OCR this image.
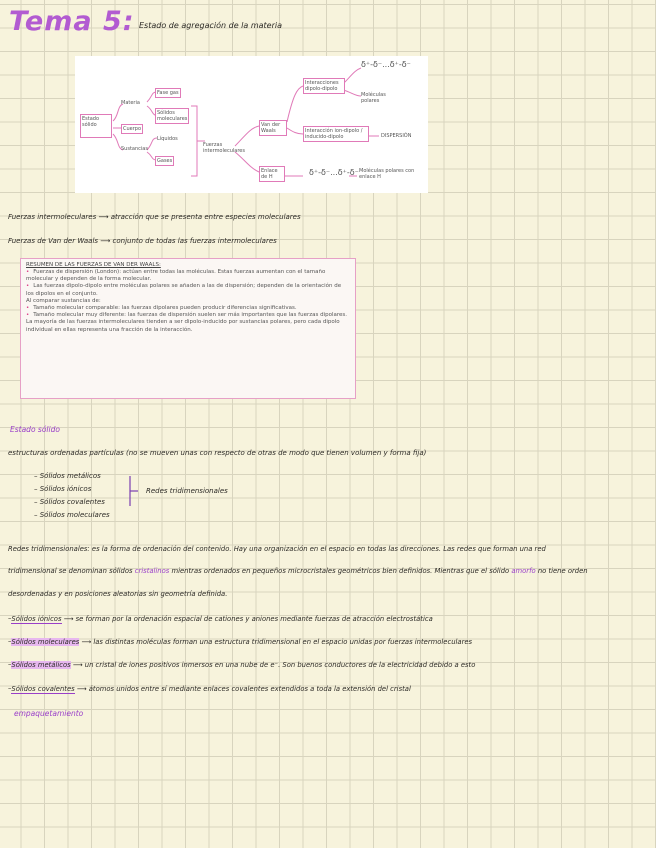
Tema 5: Estado de agregación de la materia
Estado sólido
Materia
Cuerpo
Sustancias
Fase gas
Sólidos moleculares
Líquidos
Gases
Fuerzas intermoleculares
Van der Waals
Interacciones dipolo-dipolo
δ⁺-δ⁻...δ⁺-δ⁻
Moléculas polares
Interacción ion-dipolo / inducido-dipolo	DISPERSIÓN
Enlace de H	δ⁺-δ⁻...δ⁺-δ⁻ Moléculas polares con enlace H
Fuerzas intermoleculares ⟶ atracción que se presenta entre especies moleculares
Fuerzas de Van der Waals ⟶ conjunto de todas las fuerzas intermoleculares
RESUMEN DE LAS FUERZAS DE VAN DER WAALS:
• Fuerzas de dispersión (London): actúan entre todas las moléculas. Estas fuerzas aumentan con el tamaño molecular y dependen de la forma molecular.
• Las fuerzas dipolo-dipolo entre moléculas polares se añaden a las de dispersión; dependen de la orientación de los dipolos en el conjunto.
Al comparar sustancias de:
• Tamaño molecular comparable: las fuerzas dipolares pueden producir diferencias significativas.
• Tamaño molecular muy diferente: las fuerzas de dispersión suelen ser más importantes que las fuerzas dipolares.
La mayoría de las fuerzas intermoleculares tienden a ser dipolo-inducido por sustancias polares, pero cada dipolo individual en ellas representa una fracción de la interacción.
Estado sólido
estructuras ordenadas partículas (no se mueven unas con respecto de otras de modo que tienen volumen y forma fija)
– Sólidos metálicos
– Sólidos iónicos
– Sólidos covalentes
– Sólidos moleculares
Redes tridimensionales
Redes tridimensionales: es la forma de ordenación del contenido. Hay una organización en el espacio en todas las direcciones. Las redes que forman una red
tridimensional se denominan sólidos cristalinos mientras ordenados en pequeños microcristales geométricos bien definidos. Mientras que el sólido amorfo no tiene orden
desordenadas y en posiciones aleatorias sin geometría definida.
–Sólidos iónicos ⟶ se forman por la ordenación espacial de cationes y aniones mediante fuerzas de atracción electrostática
–Sólidos moleculares ⟶ las distintas moléculas forman una estructura tridimensional en el espacio unidas por fuerzas intermoleculares
–Sólidos metálicos ⟶ un cristal de iones positivos inmersos en una nube de e⁻. Son buenos conductores de la electricidad debido a esto
–Sólidos covalentes ⟶ átomos unidos entre sí mediante enlaces covalentes extendidos a toda la extensión del cristal
empaquetamiento
